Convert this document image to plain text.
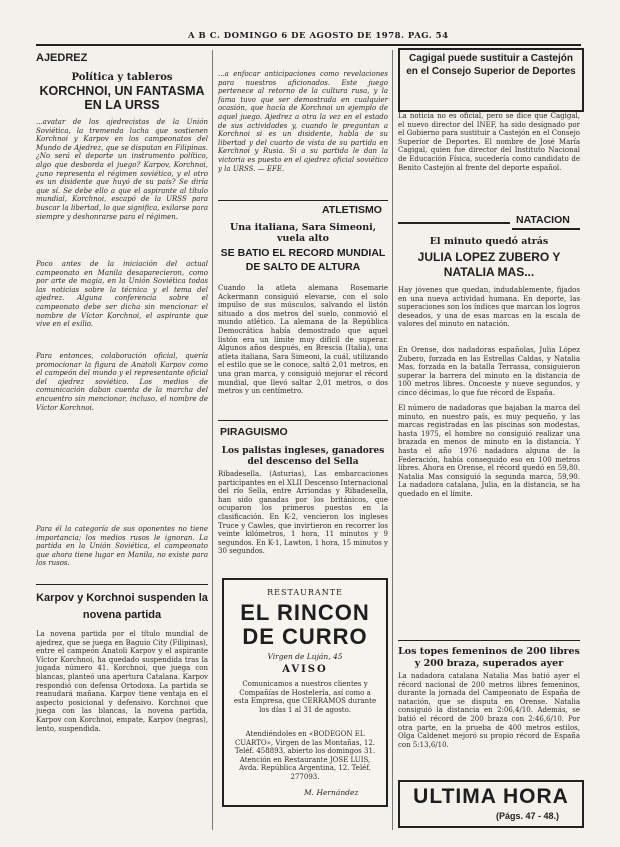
A B C. DOMINGO 6 DE AGOSTO DE 1978. PAG. 54
AJEDREZ
Política y tableros
KORCHNOI, UN FANTASMA EN LA URSS
...avatar de los ajedrecistas de la Unión Soviética, la tremenda lucha que sostienen Korchnoi y Karpov en los campeonatos del Mundo de Ajedrez, que se disputan en Filipinas. ¿No será el deporte un instrumento político, algo que desborda el juego? Karpov, Korchnoi, ¿uno representa el régimen soviético, y el otro es un disidente que huyó de su país? Se diría que sí. Se debe ello a que el aspirante al título mundial, Korchnoi, escapó de la URSS para buscar la libertad, lo que significa, exilarse para siempre y deshonrarse para el régimen.
Poco antes de la iniciación del actual campeonato en Manila desaparecieron, como por arte de magia, en la Unión Soviética todas las noticias sobre la técnica y el tema del ajedrez. Alguna conferencia sobre el campeonato debe ser dicha sin mencionar el nombre de Víctor Korchnoi, el aspirante que vive en el exilio.
Para entonces, colaboración oficial, quería promocionar la figura de Anatoli Karpov como el campeón del mundo y el representante oficial del ajedrez soviético. Los medios de comunicación daban cuenta de la marcha del encuentro sin mencionar, incluso, el nombre de Víctor Korchnoi.
Para él la categoría de sus oponentes no tiene importancia; los medios rusos le ignoran. La partida en la Unión Soviética, el campeonato que ahora tiene lugar en Manila, no existe para los rusos.
Karpov y Korchnoi suspenden la novena partida
La novena partida por el título mundial de ajedrez, que se juega en Baguio City (Filipinas), entre el campeón Anatoli Karpov y el aspirante Víctor Korchnoi, ha quedado suspendida tras la jugada número 41. Korchnoi, que juega con blancas, planteó una apertura Catalana. Karpov respondió con defensa Ortodoxa. La partida se reanudará mañana. Karpov tiene ventaja en el aspecto posicional y defensivo. Korchnoi que juega con las blancas, la novena partida, Karpov con Korchnoi, empate, Karpov (negras), lento, suspendida.
...a enfocar anticipaciones como revelaciones para nuestros aficionados. Este juego pertenece al retorno de la cultura rusa, y la fama tuvo que ser demostrada en cualquier ocasión, que hacía de Korchnoi un ejemplo de aquel juego. Ajedrez a otra la vez en el estado de sus actividades y, cuando le preguntan a Korchnoi si es un disidente, habla de su libertad y del cuarto de vista de su partida en Kerchnoi y Rusia. Si a su partida le dan la victoria es puesto en el ajedrez oficial soviético y la URSS. — EFE.
ATLETISMO
Una italiana, Sara Simeoni, vuela alto
SE BATIO EL RECORD MUNDIAL DE SALTO DE ALTURA
Cuando la atleta alemana Rosemarie Ackermann consiguió elevarse, con el solo impulso de sus músculos, salvando el listón situado a dos metros del suelo, conmovió el mundo atlético. La alemana de la República Democrática había demostrado que aquel listón era un límite muy difícil de superar. Algunos años después, en Brescia (Italia), una atleta italiana, Sara Simeoni, la cuál, utilizando el estilo que se le conoce, saltó 2,01 metros, en una gran marca, y consiguió mejorar el récord mundial, que llevó saltar 2,01 metros, o dos metros y un centímetro.
PIRAGUISMO
Los palistas ingleses, ganadores del descenso del Sella
Ribadesella. (Asturias), Las embarcaciones participantes en el XLII Descenso Internacional del río Sella, entre Arriondas y Ribadesella, han sido ganadas por los británicos, que ocuparon los primeros puestos en la clasificación. En K-2, vencieron los ingleses Truce y Cawles, que invirtieron en recorrer los veinte kilómetros, 1 hora, 11 minutos y 9 segundos. En K-1, Lawton, 1 hora, 15 minutos y 30 segundos.
RESTAURANTE
EL RINCON
DE CURRO
Virgen de Luján, 45
AVISO
Comunicamos a nuestros clientes y Compañías de Hostelería, así como a esta Empresa, que CERRAMOS durante los días 1 al 31 de agosto.
Atendiéndoles en «BODEGON EL CUARTO», Virgen de las Montañas, 12. Teléf. 458893, abierto los domingos 31. Atención en Restaurante JOSE LUIS, Avda. República Argentina, 12. Teléf. 277093.
M. Hernández
Cagigal puede sustituir a Castejón en el Consejo Superior de Deportes
La noticia no es oficial, pero se dice que Cagigal, el nuevo director del INEF, ha sido designado por el Gobierno para sustituir a Castejón en el Consejo Superior de Deportes. El nombre de José María Cagigal, quien fue director del Instituto Nacional de Educación Física, sucedería como candidato de Benito Castejón al frente del deporte español.
NATACION
El minuto quedó atrás
JULIA LOPEZ ZUBERO Y NATALIA MAS...
Hay jóvenes que quedan, indudablemente, fijados en una nueva actividad humana. En deporte, las superaciones son los índices que marcan los logros deseados, y una de esas marcas en la escala de valores del minuto en natación.
En Orense, dos nadadoras españolas, Julia López Zubero, forzada en las Estrellas Caldas, y Natalia Mas, forzada en la batalla Terrassa, consiguieron superar la barrera del minuto en la distancia de 100 metros libres. Oncoeste y nueve segundos, y cinco décimas, lo que fue récord de España.
El número de nadadoras que bajaban la marca del minuto, en nuestro país, es muy pequeño, y las marcas registradas en las piscinas son modestas, hasta 1975, el hombre no consiguió realizar una brazada en menos de minuto en la distancia. Y hasta el año 1976 nadadora alguna de la Federación, había conseguido eso en 100 metros libres. Ahora en Orense, el récord quedó en 59,80. Natalia Mas consiguió la segunda marca, 59,90. La nadadora catalana, Julia, en la distancia, se ha quedado en el límite.
Los topes femeninos de 200 libres y 200 braza, superados ayer
La nadadora catalana Natalia Mas batió ayer el récord nacional de 200 metros libres femeninos, durante la jornada del Campeonato de España de natación, que se disputa en Orense. Natalia consiguió la distancia en 2:06,4/10. Además, se batió el récord de 200 braza con 2:46,6/10. Por otra parte, en la prueba de 400 metros estilos, Olga Caldenet mejoró su propio récord de España con 5:13,6/10.
ULTIMA HORA
(Págs. 47 - 48.)
